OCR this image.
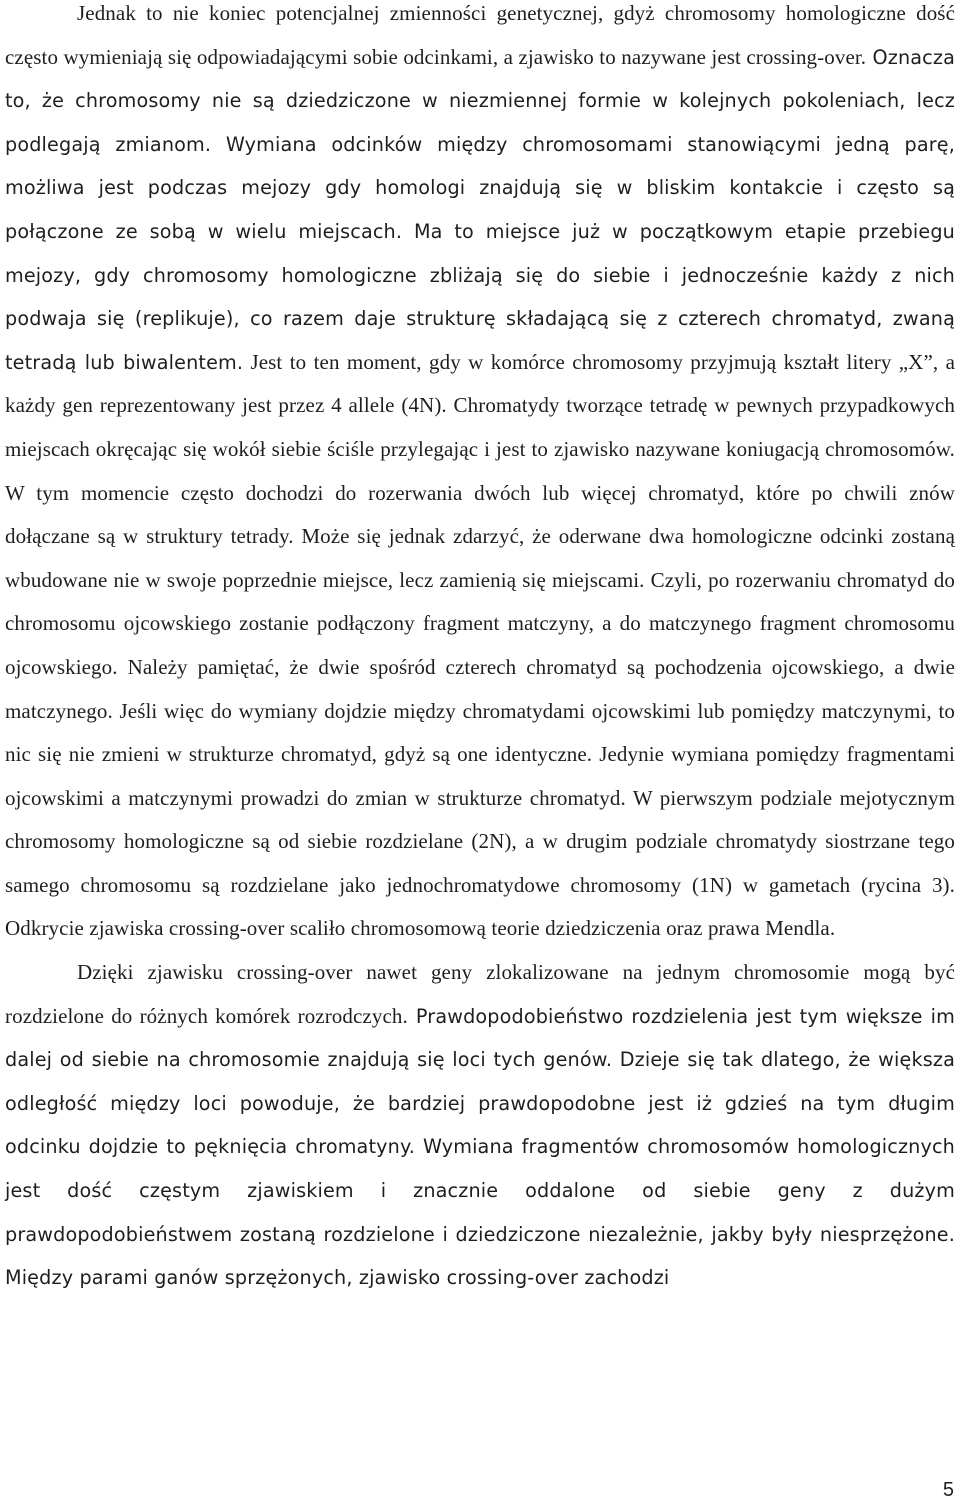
Jednak to nie koniec potencjalnej zmienności genetycznej, gdyż chromosomy homologiczne dość często wymieniają się odpowiadającymi sobie odcinkami, a zjawisko to nazywane jest crossing-over. Oznacza to, że chromosomy nie są dziedziczone w niezmiennej formie w kolejnych pokoleniach, lecz podlegają zmianom. Wymiana odcinków między chromosomami stanowiącymi jedną parę, możliwa jest podczas mejozy gdy homologi znajdują się w bliskim kontakcie i często są połączone ze sobą w wielu miejscach. Ma to miejsce już w początkowym etapie przebiegu mejozy, gdy chromosomy homologiczne zbliżają się do siebie i jednocześnie każdy z nich podwaja się (replikuje), co razem daje strukturę składającą się z czterech chromatyd, zwaną tetradą lub biwalentem. Jest to ten moment, gdy w komórce chromosomy przyjmują kształt litery „X”, a każdy gen reprezentowany jest przez 4 allele (4N). Chromatydy tworzące tetradę w pewnych przypadkowych miejscach okręcając się wokół siebie ściśle przylegając i jest to zjawisko nazywane koniugacją chromosomów. W tym momencie często dochodzi do rozerwania dwóch lub więcej chromatyd, które po chwili znów dołączane są w struktury tetrady. Może się jednak zdarzyć, że oderwane dwa homologiczne odcinki zostaną wbudowane nie w swoje poprzednie miejsce, lecz zamienią się miejscami. Czyli, po rozerwaniu chromatyd do chromosomu ojcowskiego zostanie podłączony fragment matczyny, a do matczynego fragment chromosomu ojcowskiego. Należy pamiętać, że dwie spośród czterech chromatyd są pochodzenia ojcowskiego, a dwie matczynego. Jeśli więc do wymiany dojdzie między chromatydami ojcowskimi lub pomiędzy matczynymi, to nic się nie zmieni w strukturze chromatyd, gdyż są one identyczne. Jedynie wymiana pomiędzy fragmentami ojcowskimi a matczynymi prowadzi do zmian w strukturze chromatyd. W pierwszym podziale mejotycznym chromosomy homologiczne są od siebie rozdzielane (2N), a w drugim podziale chromatydy siostrzane tego samego chromosomu są rozdzielane jako jednochromatydowe chromosomy (1N) w gametach (rycina 3). Odkrycie zjawiska crossing-over scaliło chromosomową teorie dziedziczenia oraz prawa Mendla.

Dzięki zjawisku crossing-over nawet geny zlokalizowane na jednym chromosomie mogą być rozdzielone do różnych komórek rozrodczych. Prawdopodobieństwo rozdzielenia jest tym większe im dalej od siebie na chromosomie znajdują się loci tych genów. Dzieje się tak dlatego, że większa odległość między loci powoduje, że bardziej prawdopodobne jest iż gdzieś na tym długim odcinku dojdzie to pęknięcia chromatyny. Wymiana fragmentów chromosomów homologicznych jest dość częstym zjawiskiem i znacznie oddalone od siebie geny z dużym prawdopodobieństwem zostaną rozdzielone i dziedziczone niezależnie, jakby były niesprzężone. Między parami ganów sprzężonych, zjawisko crossing-over zachodzi

5
